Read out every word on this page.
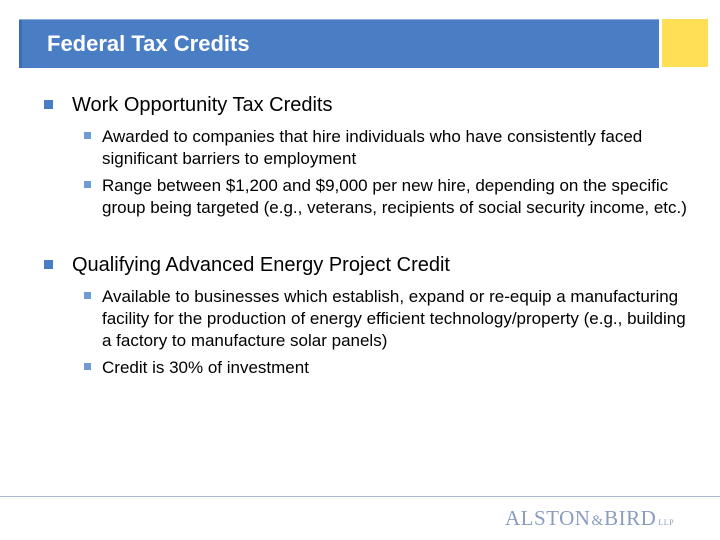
Federal Tax Credits
Work Opportunity Tax Credits
Awarded to companies that hire individuals who have consistently faced significant barriers to employment
Range between $1,200 and $9,000 per new hire, depending on the specific group being targeted (e.g., veterans, recipients of social security income, etc.)
Qualifying Advanced Energy Project Credit
Available to businesses which establish, expand or re-equip a manufacturing facility for the production of energy efficient technology/property (e.g., building a factory to manufacture solar panels)
Credit is 30% of investment
ALSTON&BIRD LLP
